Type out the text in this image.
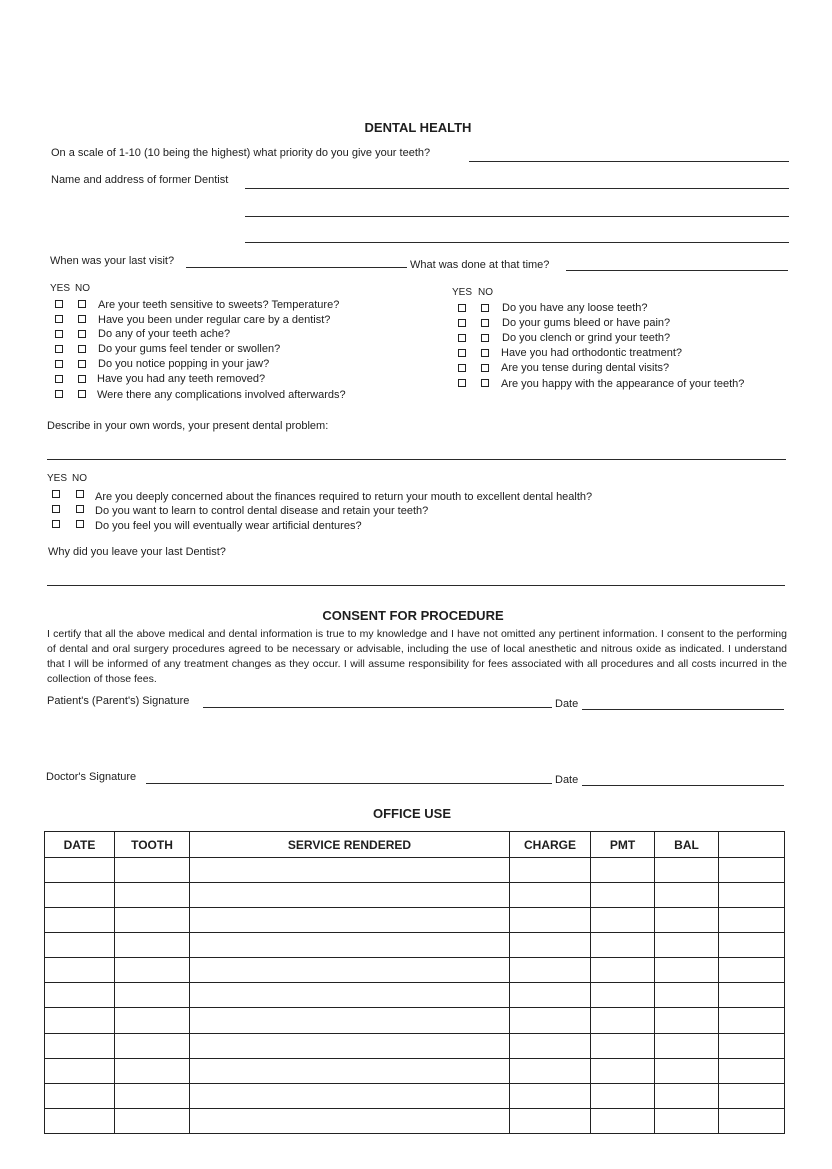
DENTAL HEALTH
On a scale of 1-10 (10 being the highest) what priority do you give your teeth?
Name and address of former Dentist
When was your last visit?	What was done at that time?
YES NO
Are your teeth sensitive to sweets? Temperature?
Have you been under regular care by a dentist?
Do any of your teeth ache?
Do your gums feel tender or swollen?
Do you notice popping in your jaw?
Have you had any teeth removed?
Were there any complications involved afterwards?
YES NO
Do you have any loose teeth?
Do your gums bleed or have pain?
Do you clench or grind your teeth?
Have you had orthodontic treatment?
Are you tense during dental visits?
Are you happy with the appearance of your teeth?
Describe in your own words, your present dental problem:
YES NO
Are you deeply concerned about the finances required to return your mouth to excellent dental health?
Do you want to learn to control dental disease and retain your teeth?
Do you feel you will eventually wear artificial dentures?
Why did you leave your last Dentist?
CONSENT FOR PROCEDURE
I certify that all the above medical and dental information is true to my knowledge and I have not omitted any pertinent information. I consent to the performing of dental and oral surgery procedures agreed to be necessary or advisable, including the use of local anesthetic and nitrous oxide as indicated. I understand that I will be informed of any treatment changes as they occur. I will assume responsibility for fees associated with all procedures and all costs incurred in the collection of those fees.
Patient's (Parent's) Signature	Date
Doctor's Signature	Date
OFFICE USE
DATE	TOOTH	SERVICE RENDERED	CHARGE	PMT	BAL	
